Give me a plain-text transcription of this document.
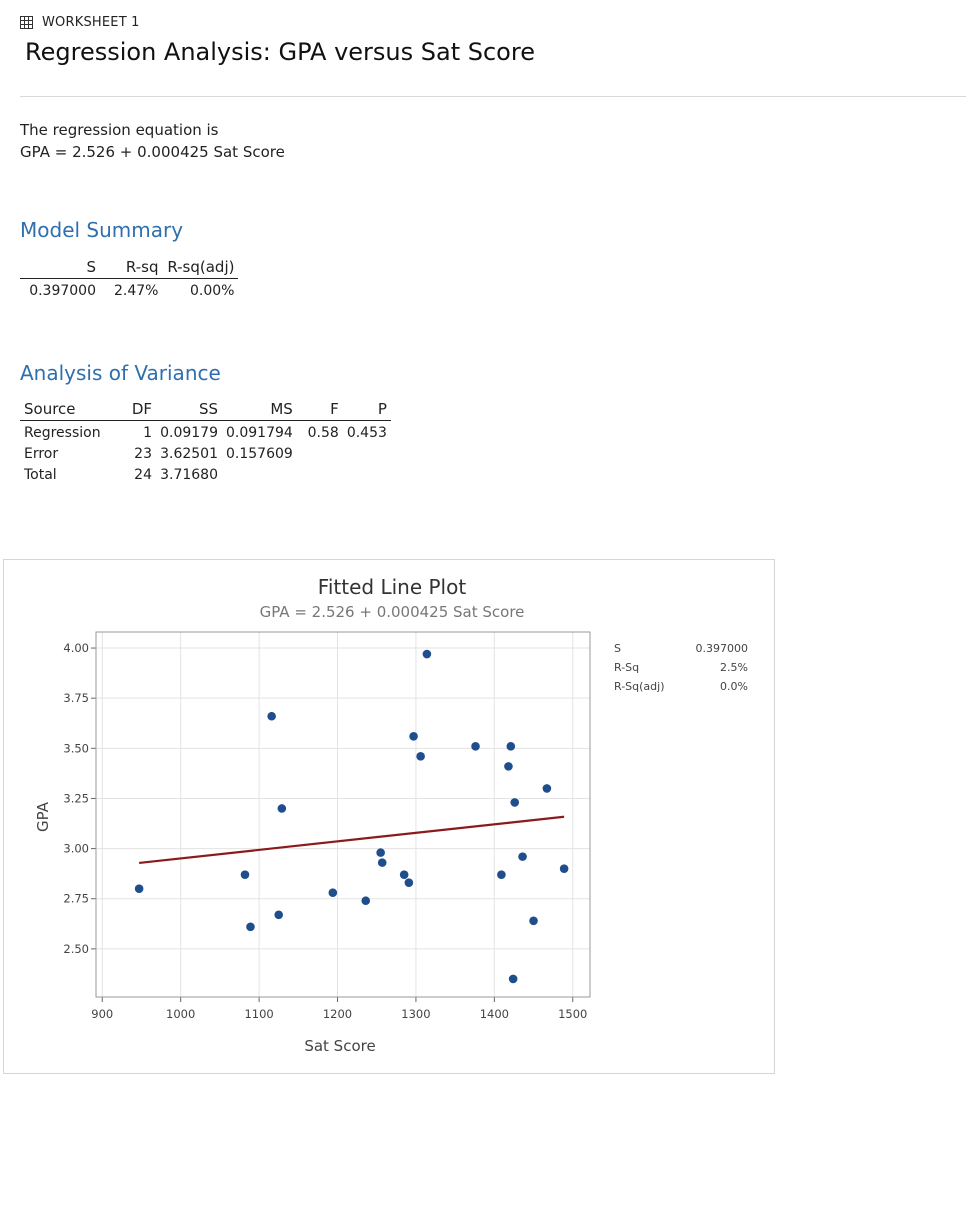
WORKSHEET 1
Regression Analysis: GPA versus Sat Score
The regression equation is
GPA = 2.526 + 0.000425 Sat Score
Model Summary
S	R-sq	R-sq(adj)
0.397000	2.47%	0.00%
Analysis of Variance
Source	DF	SS	MS	F	P
Regression	1	0.09179	0.091794	0.58	0.453
Error	23	3.62501	0.157609		
Total	24	3.71680			
Fitted Line Plot
GPA = 2.526 + 0.000425 Sat Score
900	1000	1100	1200	1300	1400	1500
2.50
2.75
3.00
3.25
3.50
3.75
4.00
Sat Score
GPA
S	0.397000
R-Sq	2.5%
R-Sq(adj)	0.0%
